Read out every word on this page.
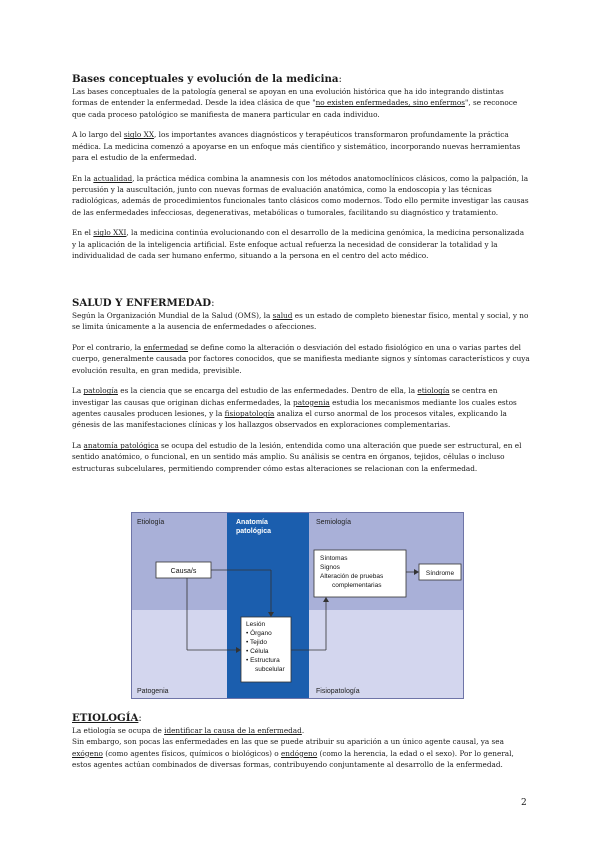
Bases conceptuales y evolución de la medicina:

Las bases conceptuales de la patología general se apoyan en una evolución histórica que ha ido integrando distintas formas de entender la enfermedad. Desde la idea clásica de que "no existen enfermedades, sino enfermos", se reconoce que cada proceso patológico se manifiesta de manera particular en cada individuo.

A lo largo del siglo XX, los importantes avances diagnósticos y terapéuticos transformaron profundamente la práctica médica. La medicina comenzó a apoyarse en un enfoque más científico y sistemático, incorporando nuevas herramientas para el estudio de la enfermedad.

En la actualidad, la práctica médica combina la anamnesis con los métodos anatomoclínicos clásicos, como la palpación, la percusión y la auscultación, junto con nuevas formas de evaluación anatómica, como la endoscopia y las técnicas radiológicas, además de procedimientos funcionales tanto clásicos como modernos. Todo ello permite investigar las causas de las enfermedades infecciosas, degenerativas, metabólicas o tumorales, facilitando su diagnóstico y tratamiento.

En el siglo XXI, la medicina continúa evolucionando con el desarrollo de la medicina genómica, la medicina personalizada y la aplicación de la inteligencia artificial. Este enfoque actual refuerza la necesidad de considerar la totalidad y la individualidad de cada ser humano enfermo, situando a la persona en el centro del acto médico.

SALUD Y ENFERMEDAD:

Según la Organización Mundial de la Salud (OMS), la salud es un estado de completo bienestar físico, mental y social, y no se limita únicamente a la ausencia de enfermedades o afecciones.

Por el contrario, la enfermedad se define como la alteración o desviación del estado fisiológico en una o varias partes del cuerpo, generalmente causada por factores conocidos, que se manifiesta mediante signos y síntomas característicos y cuya evolución resulta, en gran medida, previsible.

La patología es la ciencia que se encarga del estudio de las enfermedades. Dentro de ella, la etiología se centra en investigar las causas que originan dichas enfermedades, la patogenia estudia los mecanismos mediante los cuales estos agentes causales producen lesiones, y la fisiopatología analiza el curso anormal de los procesos vitales, explicando la génesis de las manifestaciones clínicas y los hallazgos observados en exploraciones complementarias.

La anatomía patológica se ocupa del estudio de la lesión, entendida como una alteración que puede ser estructural, en el sentido anatómico, o funcional, en un sentido más amplio. Su análisis se centra en órganos, tejidos, células o incluso estructuras subcelulares, permitiendo comprender cómo estas alteraciones se relacionan con la enfermedad.

Etiología	Anatomía
patológica
Semiología
Patogenia	Fisiopatología
Causa/s
Síntomas
Signos
Alteración de pruebas
complementarias
Síndrome
Lesión
• Órgano
• Tejido
• Célula
• Estructura
subcelular
ETIOLOGÍA:

La etiología se ocupa de identificar la causa de la enfermedad.

Sin embargo, son pocas las enfermedades en las que se puede atribuir su aparición a un único agente causal, ya sea exógeno (como agentes físicos, químicos o biológicos) o endógeno (como la herencia, la edad o el sexo). Por lo general, estos agentes actúan combinados de diversas formas, contribuyendo conjuntamente al desarrollo de la enfermedad.

2
